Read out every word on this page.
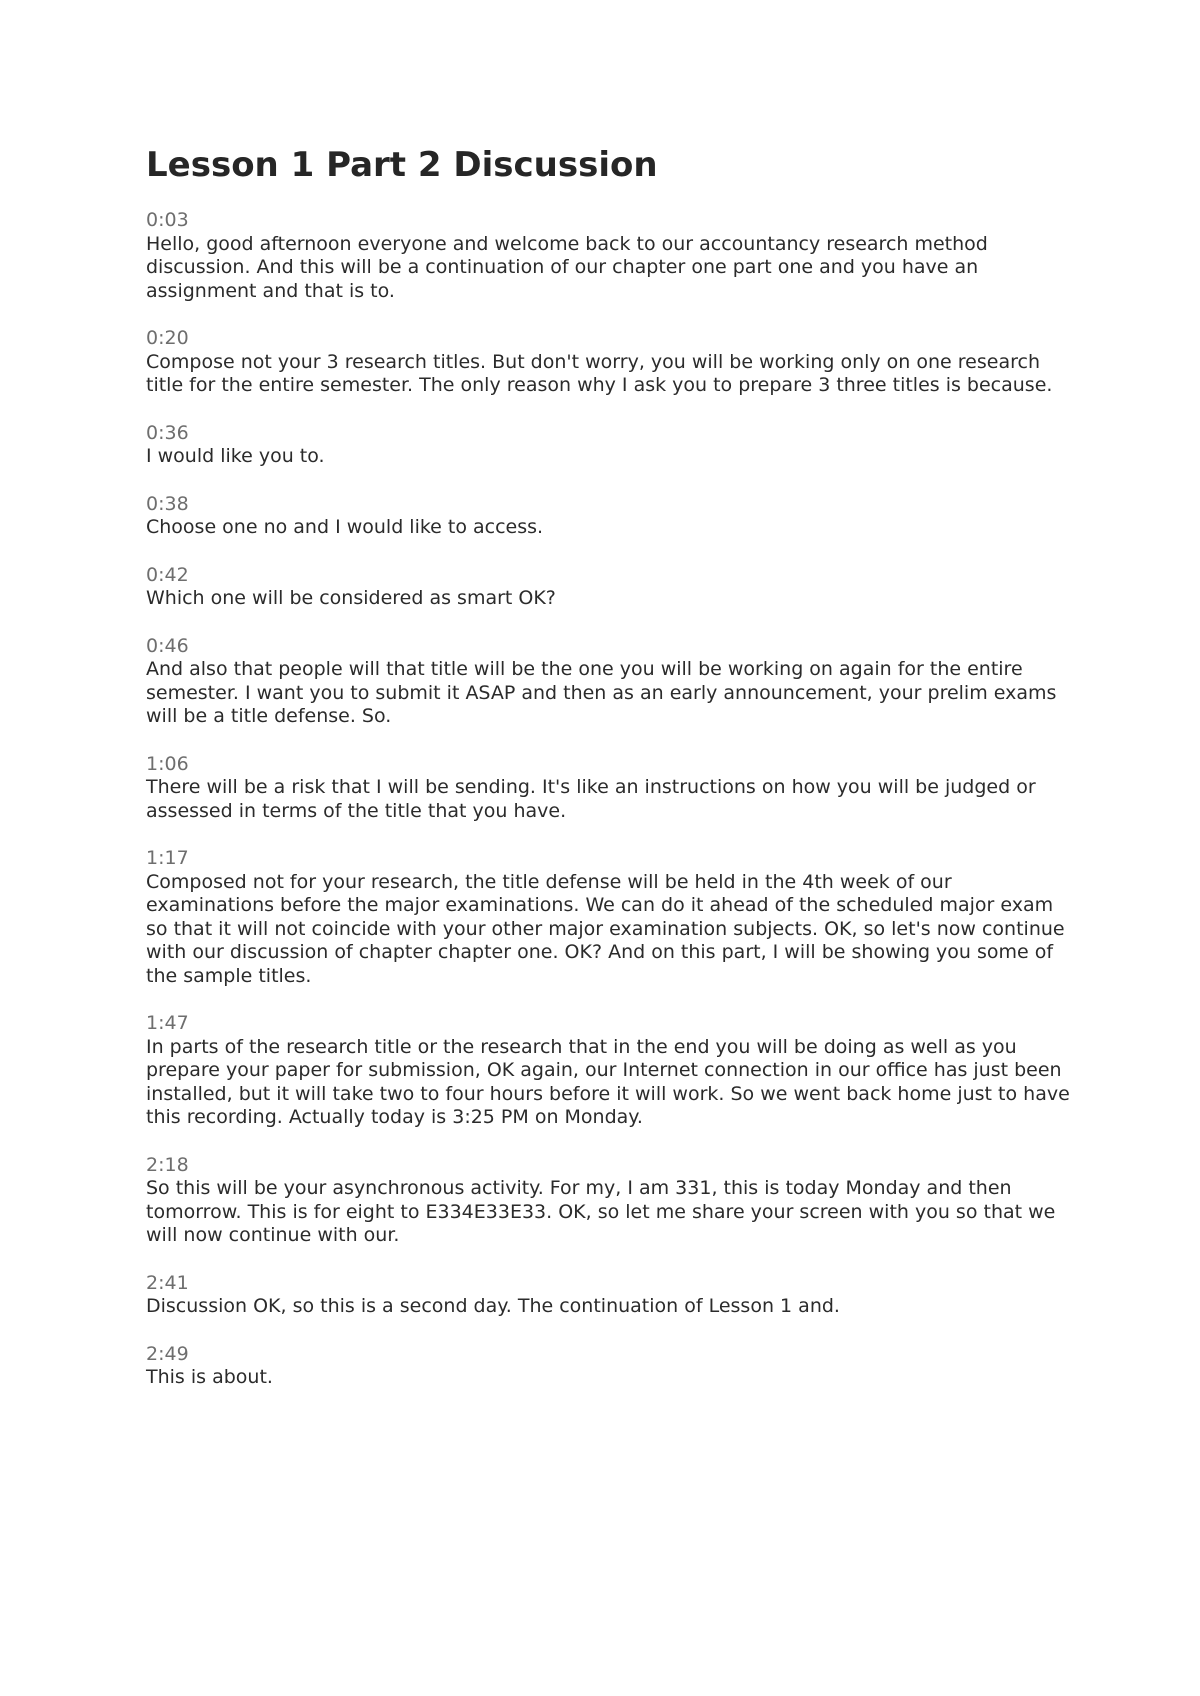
Lesson 1 Part 2 Discussion
0:03
Hello, good afternoon everyone and welcome back to our accountancy research method discussion. And this will be a continuation of our chapter one part one and you have an assignment and that is to.
0:20
Compose not your 3 research titles. But don't worry, you will be working only on one research title for the entire semester. The only reason why I ask you to prepare 3 three titles is because.
0:36
I would like you to.
0:38
Choose one no and I would like to access.
0:42
Which one will be considered as smart OK?
0:46
And also that people will that title will be the one you will be working on again for the entire semester. I want you to submit it ASAP and then as an early announcement, your prelim exams will be a title defense. So.
1:06
There will be a risk that I will be sending. It's like an instructions on how you will be judged or assessed in terms of the title that you have.
1:17
Composed not for your research, the title defense will be held in the 4th week of our examinations before the major examinations. We can do it ahead of the scheduled major exam so that it will not coincide with your other major examination subjects. OK, so let's now continue with our discussion of chapter chapter one. OK? And on this part, I will be showing you some of the sample titles.
1:47
In parts of the research title or the research that in the end you will be doing as well as you prepare your paper for submission, OK again, our Internet connection in our office has just been installed, but it will take two to four hours before it will work. So we went back home just to have this recording. Actually today is 3:25 PM on Monday.
2:18
So this will be your asynchronous activity. For my, I am 331, this is today Monday and then tomorrow. This is for eight to E334E33E33. OK, so let me share your screen with you so that we will now continue with our.
2:41
Discussion OK, so this is a second day. The continuation of Lesson 1 and.
2:49
This is about.
